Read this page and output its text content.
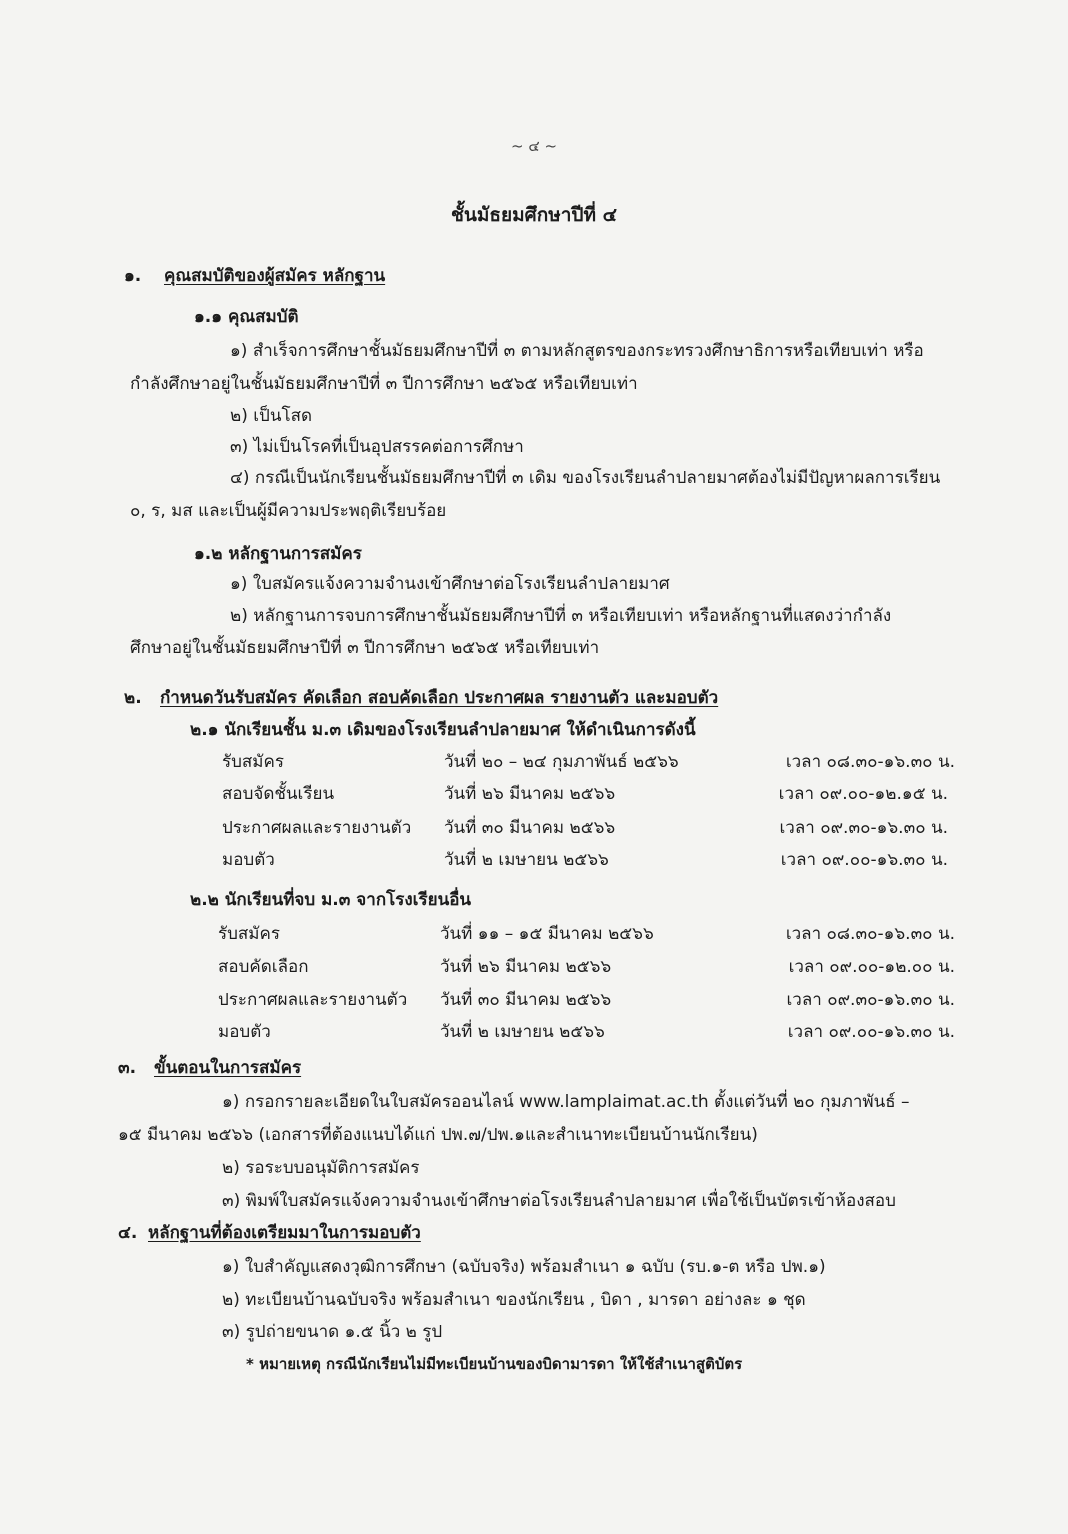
~ ๔ ~
ชั้นมัธยมศึกษาปีที่ ๔
๑. คุณสมบัติของผู้สมัคร หลักฐาน
๑.๑ คุณสมบัติ
๑) สำเร็จการศึกษาชั้นมัธยมศึกษาปีที่ ๓ ตามหลักสูตรของกระทรวงศึกษาธิการหรือเทียบเท่า หรือ
กำลังศึกษาอยู่ในชั้นมัธยมศึกษาปีที่ ๓ ปีการศึกษา ๒๕๖๕ หรือเทียบเท่า
๒) เป็นโสด
๓) ไม่เป็นโรคที่เป็นอุปสรรคต่อการศึกษา
๔) กรณีเป็นนักเรียนชั้นมัธยมศึกษาปีที่ ๓ เดิม ของโรงเรียนลำปลายมาศต้องไม่มีปัญหาผลการเรียน
๐, ร, มส และเป็นผู้มีความประพฤติเรียบร้อย
๑.๒ หลักฐานการสมัคร
๑) ใบสมัครแจ้งความจำนงเข้าศึกษาต่อโรงเรียนลำปลายมาศ
๒) หลักฐานการจบการศึกษาชั้นมัธยมศึกษาปีที่ ๓ หรือเทียบเท่า หรือหลักฐานที่แสดงว่ากำลัง
ศึกษาอยู่ในชั้นมัธยมศึกษาปีที่ ๓ ปีการศึกษา ๒๕๖๕ หรือเทียบเท่า
๒. กำหนดวันรับสมัคร คัดเลือก สอบคัดเลือก ประกาศผล รายงานตัว และมอบตัว
๒.๑ นักเรียนชั้น ม.๓ เดิมของโรงเรียนลำปลายมาศ ให้ดำเนินการดังนี้
รับสมัคร	วันที่ ๒๐ – ๒๔ กุมภาพันธ์ ๒๕๖๖	เวลา ๐๘.๓๐-๑๖.๓๐ น.
สอบจัดชั้นเรียน	วันที่ ๒๖ มีนาคม ๒๕๖๖	เวลา ๐๙.๐๐-๑๒.๑๕ น.
ประกาศผลและรายงานตัว วันที่ ๓๐ มีนาคม ๒๕๖๖	เวลา ๐๙.๓๐-๑๖.๓๐ น.
มอบตัว	วันที่ ๒ เมษายน ๒๕๖๖	เวลา ๐๙.๐๐-๑๖.๓๐ น.
๒.๒ นักเรียนที่จบ ม.๓ จากโรงเรียนอื่น
รับสมัคร	วันที่ ๑๑ – ๑๕ มีนาคม ๒๕๖๖	เวลา ๐๘.๓๐-๑๖.๓๐ น.
สอบคัดเลือก	วันที่ ๒๖ มีนาคม ๒๕๖๖	เวลา ๐๙.๐๐-๑๒.๐๐ น.
ประกาศผลและรายงานตัว วันที่ ๓๐ มีนาคม ๒๕๖๖	เวลา ๐๙.๓๐-๑๖.๓๐ น.
มอบตัว	วันที่ ๒ เมษายน ๒๕๖๖	เวลา ๐๙.๐๐-๑๖.๓๐ น.
๓. ขั้นตอนในการสมัคร
๑) กรอกรายละเอียดในใบสมัครออนไลน์ www.lamplaimat.ac.th ตั้งแต่วันที่ ๒๐ กุมภาพันธ์ –
๑๕ มีนาคม ๒๕๖๖ (เอกสารที่ต้องแนบได้แก่ ปพ.๗/ปพ.๑และสำเนาทะเบียนบ้านนักเรียน)
๒) รอระบบอนุมัติการสมัคร
๓) พิมพ์ใบสมัครแจ้งความจำนงเข้าศึกษาต่อโรงเรียนลำปลายมาศ เพื่อใช้เป็นบัตรเข้าห้องสอบ
๔. หลักฐานที่ต้องเตรียมมาในการมอบตัว
๑) ใบสำคัญแสดงวุฒิการศึกษา (ฉบับจริง) พร้อมสำเนา ๑ ฉบับ (รบ.๑-ต หรือ ปพ.๑)
๒) ทะเบียนบ้านฉบับจริง พร้อมสำเนา ของนักเรียน , บิดา , มารดา อย่างละ ๑ ชุด
๓) รูปถ่ายขนาด ๑.๕ นิ้ว ๒ รูป
* หมายเหตุ กรณีนักเรียนไม่มีทะเบียนบ้านของบิดามารดา ให้ใช้สำเนาสูติบัตร
